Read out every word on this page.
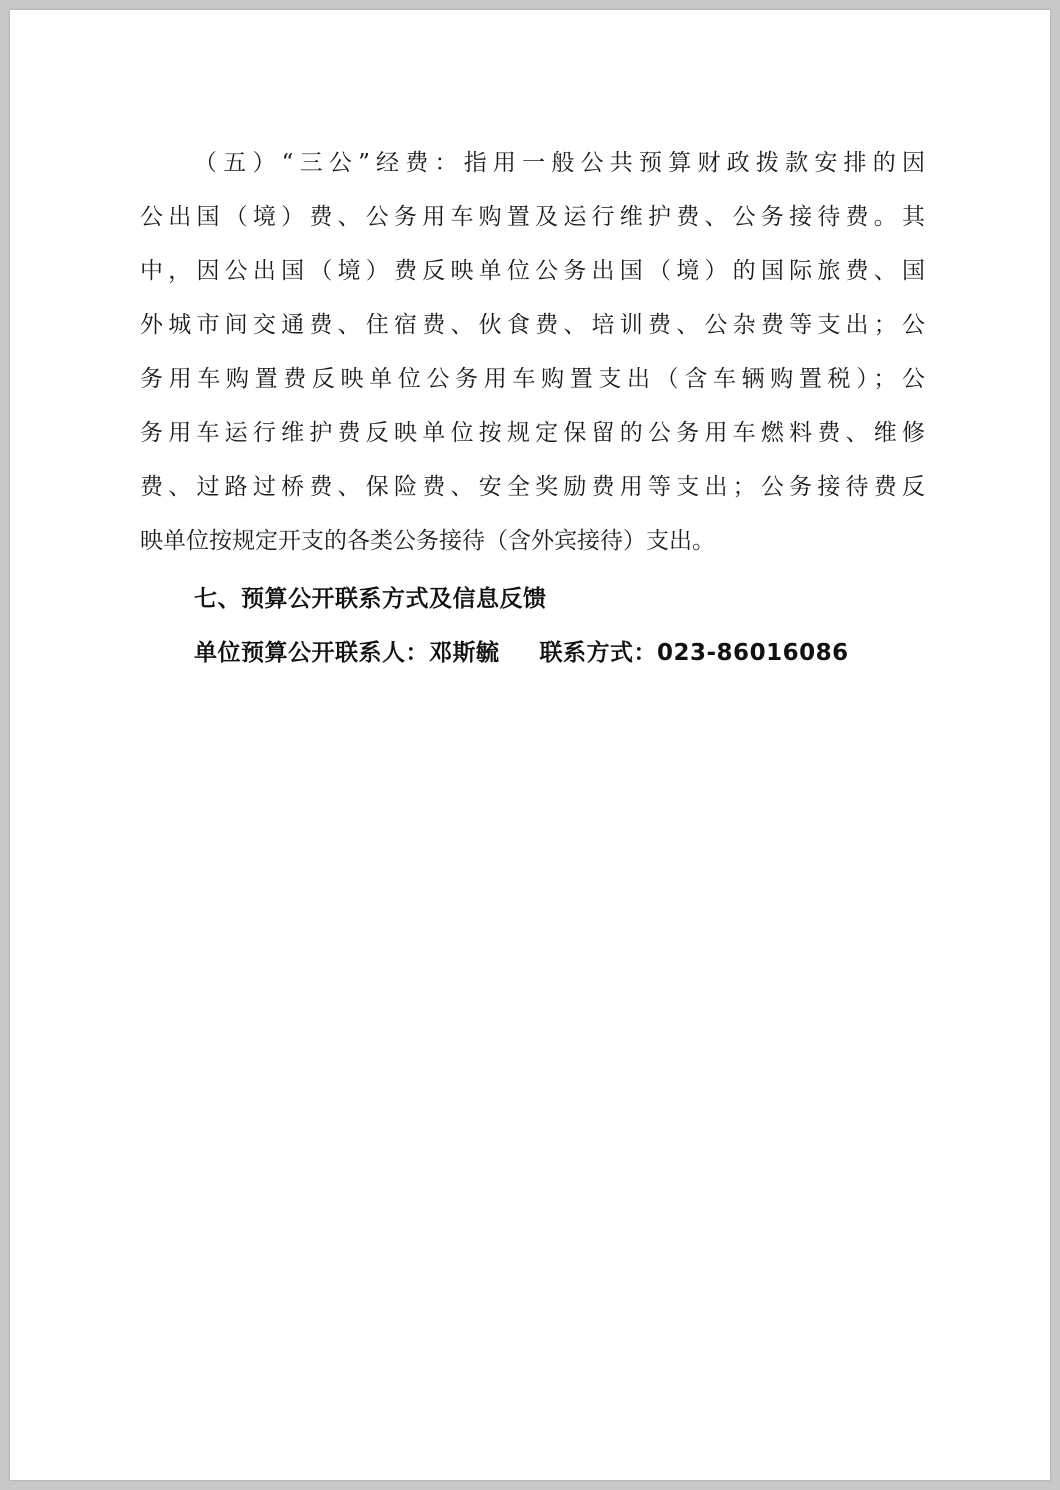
（五）“三公”经费：指用一般公共预算财政拨款安排的因
公出国（境）费、公务用车购置及运行维护费、公务接待费。其
中，因公出国（境）费反映单位公务出国（境）的国际旅费、国
外城市间交通费、住宿费、伙食费、培训费、公杂费等支出；公
务用车购置费反映单位公务用车购置支出（含车辆购置税）；公
务用车运行维护费反映单位按规定保留的公务用车燃料费、维修
费、过路过桥费、保险费、安全奖励费用等支出；公务接待费反
映单位按规定开支的各类公务接待（含外宾接待）支出。
七、预算公开联系方式及信息反馈
单位预算公开联系人：邓斯毓 联系方式：023-86016086
